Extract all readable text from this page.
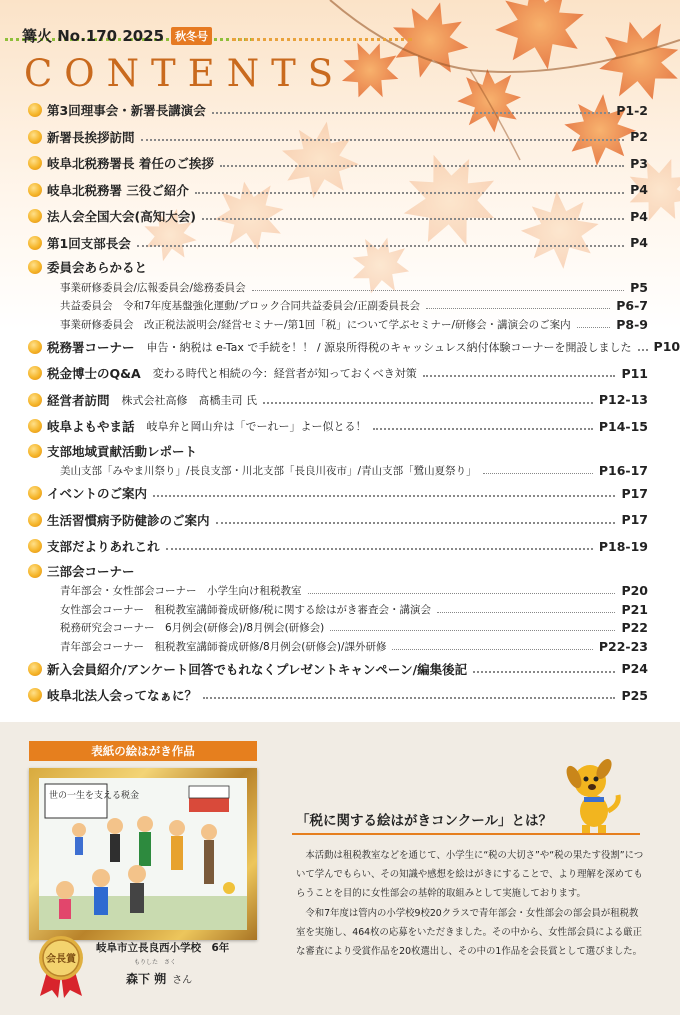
篝火 No.170 2025	秋冬号
CONTENTS
第3回理事会・新署長講演会	P1-2
新署長挨拶訪問	P2
岐阜北税務署長 着任のご挨拶	P3
岐阜北税務署 三役ご紹介	P4
法人会全国大会(高知大会)	P4
第1回支部長会	P4
委員会あらかると
事業研修委員会/広報委員会/総務委員会	P5
共益委員会　令和7年度基盤強化運動/ブロック合同共益委員会/正副委員長会	P6-7
事業研修委員会　改正税法説明会/経営セミナー/第1回「税」について学ぶセミナー/研修会・講演会のご案内	P8-9
税務署コーナー 申告・納税は e-Tax で手続を！！ / 源泉所得税のキャッシュレス納付体験コーナーを開設しました P10
税金博士のQ&A 変わる時代と相続の今：経営者が知っておくべき対策	P11
経営者訪問 株式会社高修　髙橋圭司 氏	P12-13
岐阜よもやま話 岐阜弁と岡山弁は「でーれー」よー似とる！	P14-15
支部地域貢献活動レポート
美山支部「みやま川祭り」/長良支部・川北支部「長良川夜市」/青山支部「鷺山夏祭り」	P16-17
イベントのご案内	P17
生活習慣病予防健診のご案内	P17
支部だよりあれこれ	P18-19
三部会コーナー
青年部会・女性部会コーナー　小学生向け租税教室	P20
女性部会コーナー　租税教室講師養成研修/税に関する絵はがき審査会・講演会	P21
税務研究会コーナー　6月例会(研修会)/8月例会(研修会)	P22
青年部会コーナー　租税教室講師養成研修/8月例会(研修会)/課外研修	P22-23
新入会員紹介/アンケート回答でもれなくプレゼントキャンペーン/編集後記	P24
岐阜北法人会ってなぁに？	P25
表紙の絵はがき作品
世の一生を支える税金
会長賞
岐阜市立長良西小学校　6年
もりした　さく
森下 朔 さん
「税に関する絵はがきコンクール」とは？

本活動は租税教室などを通じて、小学生に“税の大切さ”や“税の果たす役割”について学んでもらい、その知識や感想を絵はがきにすることで、より理解を深めてもらうことを目的に女性部会の基幹的取組みとして実施しております。

令和7年度は管内の小学校9校20クラスで青年部会・女性部会の部会員が租税教室を実施し、464枚の応募をいただきました。その中から、女性部会員による厳正な審査により受賞作品を20枚選出し、その中の1作品を会長賞として選びました。
